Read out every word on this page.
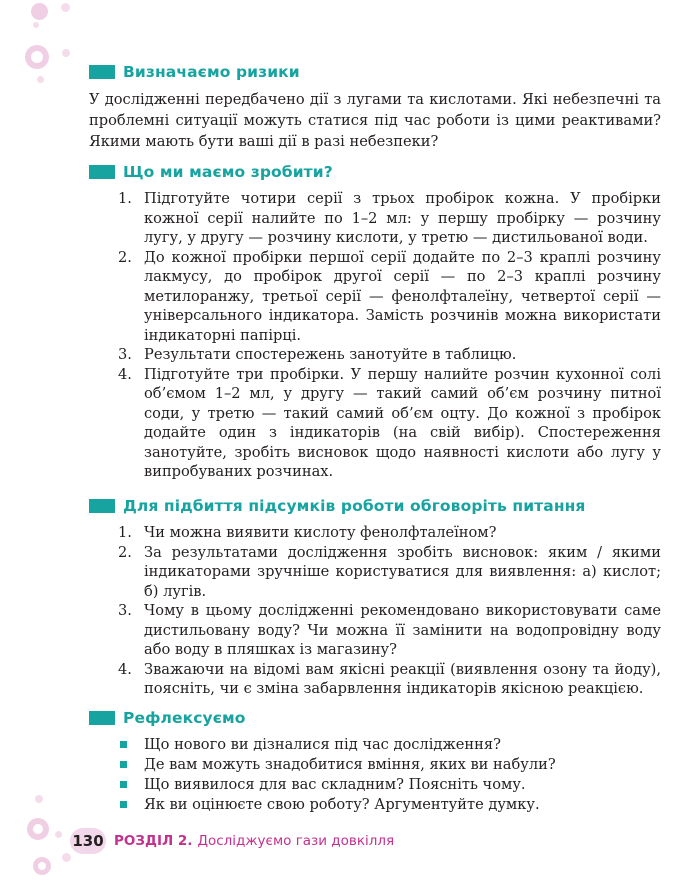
Визначаємо ризики

У дослідженні передбачено дії з лугами та кислотами. Які небезпечні та проблемні ситуації можуть статися під час роботи із цими реактивами? Якими мають бути ваші дії в разі небезпеки?

Що ми маємо зробити?
1. Підготуйте чотири серії з трьох пробірок кожна. У пробірки кожної серії налийте по 1–2 мл: у першу пробірку — розчину лугу, у другу — розчину кислоти, у третю — дистильованої води.
2. До кожної пробірки першої серії додайте по 2–3 краплі розчину лакмусу, до пробірок другої серії — по 2–3 краплі розчину метилоранжу, третьої серії — фенолфталеїну, четвертої серії — універсального індикатора. Замість розчинів можна використати індикаторні папірці.
3. Результати спостережень занотуйте в таблицю.
4. Підготуйте три пробірки. У першу налийте розчин кухонної солі об’ємом 1–2 мл, у другу — такий самий об’єм розчину питної соди, у третю — такий самий об’єм оцту. До кожної з пробірок додайте один з індикаторів (на свій вибір). Спостереження занотуйте, зробіть висновок щодо наявності кислоти або лугу у випробуваних розчинах.
Для підбиття підсумків роботи обговоріть питання
1. Чи можна виявити кислоту фенолфталеїном?
2. За результатами дослідження зробіть висновок: яким / якими індикаторами зручніше користуватися для виявлення: а) кислот; б) лугів.
3. Чому в цьому дослідженні рекомендовано використовувати саме дистильовану воду? Чи можна її замінити на водопровідну воду або воду в пляшках із магазину?
4. Зважаючи на відомі вам якісні реакції (виявлення озону та йоду), поясніть, чи є зміна забарвлення індикаторів якісною реакцією.
Рефлексуємо
Що нового ви дізналися під час дослідження?
Де вам можуть знадобитися вміння, яких ви набули?
Що виявилося для вас складним? Поясніть чому.
Як ви оцінюєте свою роботу? Аргументуйте думку.
130 РОЗДІЛ 2. Досліджуємо гази довкілля
